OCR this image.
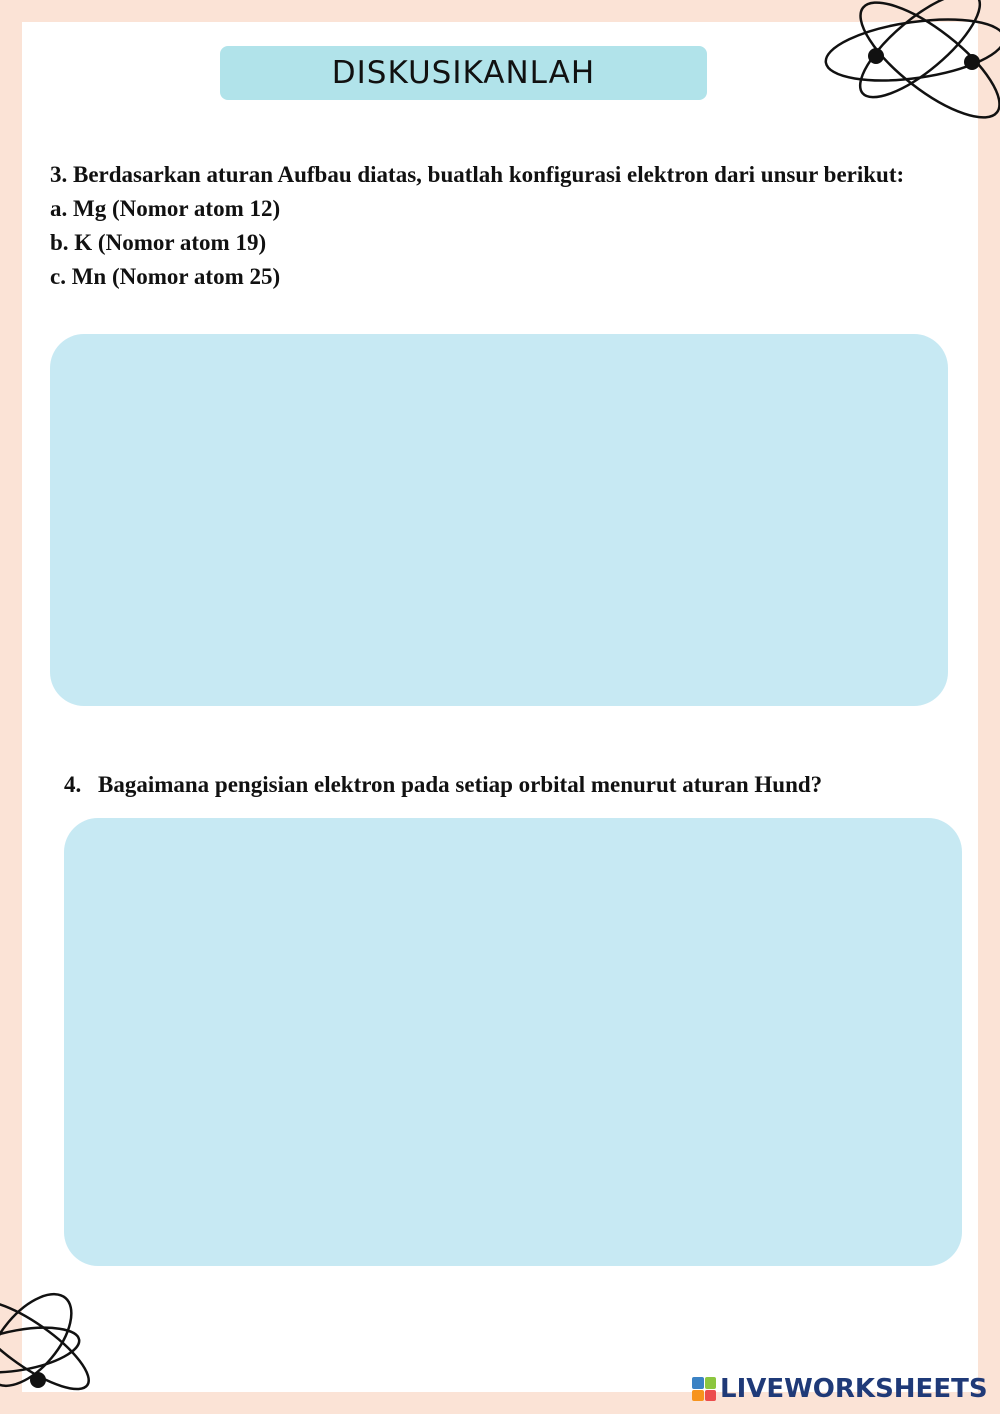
DISKUSIKANLAH
3. Berdasarkan aturan Aufbau diatas, buatlah konfigurasi elektron dari unsur berikut:
a. Mg (Nomor atom 12)
b. K (Nomor atom 19)
c. Mn (Nomor atom 25)
4. Bagaimana pengisian elektron pada setiap orbital menurut aturan Hund?
LIVEWORKSHEETS
